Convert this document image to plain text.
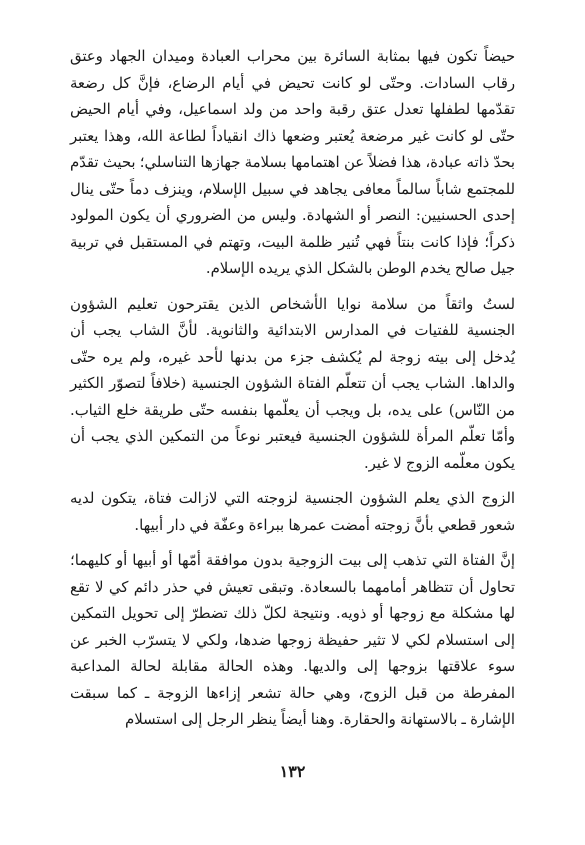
حيضاً تكون فيها بمثابة السائرة بين محراب العبادة وميدان الجهاد وعتق رقاب السادات. وحتّى لو كانت تحيض في أيام الرضاع، فإنَّ كل رضعة تقدّمها لطفلها تعدل عتق رقبة واحد من ولد اسماعيل، وفي أيام الحيض حتّى لو كانت غير مرضعة يُعتبر وضعها ذاك انقياداً لطاعة الله، وهذا يعتبر بحدّ ذاته عبادة، هذا فضلاً عن اهتمامها بسلامة جهازها التناسلي؛ بحيث تقدّم للمجتمع شاباً سالماً معافى يجاهد في سبيل الإسلام، وينزف دماً حتّى ينال إحدى الحسنيين: النصر أو الشهادة. وليس من الضروري أن يكون المولود ذكراً؛ فإذا كانت بنتاً فهي تُنير ظلمة البيت، وتهتم في المستقبل في تربية جيل صالح يخدم الوطن بالشكل الذي يريده الإسلام.

لستُ واثقاً من سلامة نوايا الأشخاص الذين يقترحون تعليم الشؤون الجنسية للفتيات في المدارس الابتدائية والثانوية. لأنَّ الشاب يجب أن يُدخل إلى بيته زوجة لم يُكشف جزء من بدنها لأحد غيره، ولم يره حتّى والداها. الشاب يجب أن تتعلّم الفتاة الشؤون الجنسية (خلافاً لتصوّر الكثير من النّاس) على يده، بل ويجب أن يعلّمها بنفسه حتّى طريقة خلع الثياب. وأمّا تعلّم المرأة للشؤون الجنسية فيعتبر نوعاً من التمكين الذي يجب أن يكون معلّمه الزوج لا غير.

الزوج الذي يعلم الشؤون الجنسية لزوجته التي لازالت فتاة، يتكون لديه شعور قطعي بأنَّ زوجته أمضت عمرها ببراءة وعفّة في دار أبيها.

إنَّ الفتاة التي تذهب إلى بيت الزوجية بدون موافقة أمّها أو أبيها أو كليهما؛ تحاول أن تتظاهر أمامهما بالسعادة. وتبقى تعيش في حذر دائم كي لا تقع لها مشكلة مع زوجها أو ذويه. ونتيجة لكلّ ذلك تضطرّ إلى تحويل التمكين إلى استسلام لكي لا تثير حفيظة زوجها ضدها، ولكي لا يتسرّب الخبر عن سوء علاقتها بزوجها إلى والديها. وهذه الحالة مقابلة لحالة المداعبة المفرطة من قبل الزوج، وهي حالة تشعر إزاءها الزوجة ـ كما سبقت الإشارة ـ بالاستهانة والحقارة. وهنا أيضاً ينظر الرجل إلى استسلام

١٣٢
